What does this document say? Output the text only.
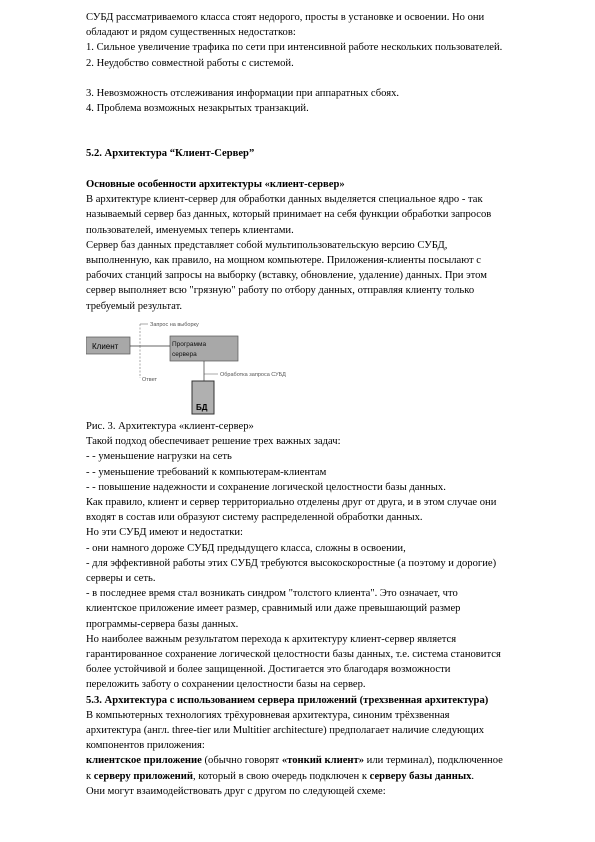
СУБД рассматриваемого класса стоят недорого, просты в установке и освоении. Но они

обладают и рядом существенных недостатков:

1. Сильное увеличение трафика по сети при интенсивной работе нескольких пользователей.

2. Неудобство совместной работы с системой.

3. Невозможность отслеживания информации при аппаратных сбоях.

4. Проблема возможных незакрытых транзакций.

5.2. Архитектура “Клиент-Сервер”

Основные особенности архитектуры «клиент-сервер»

В архитектуре клиент-сервер для обработки данных выделяется специальное ядро - так

называемый сервер баз данных, который принимает на себя функции обработки запросов

пользователей, именуемых теперь клиентами.

Сервер баз данных представляет собой мультипользовательскую версию СУБД,

выполненную, как правило, на мощном компьютере. Приложения-клиенты посылают с

рабочих станций запросы на выборку (вставку, обновление, удаление) данных. При этом

сервер выполняет всю "грязную" работу по отбору данных, отправляя клиенту только

требуемый результат.

Клиент	Программа
сервера
БД
Запрос на выборку
Ответ
Обработка запроса СУБД

Рис. 3. Архитектура «клиент-сервер»

Такой подход обеспечивает решение трех важных задач:

- - уменьшение нагрузки на сеть

- - уменьшение требований к компьютерам-клиентам

- - повышение надежности и сохранение логической целостности базы данных.

Как правило, клиент и сервер территориально отделены друг от друга, и в этом случае они

входят в состав или образуют систему распределенной обработки данных.

Но эти СУБД имеют и недостатки:

- они намного дороже СУБД предыдущего класса, сложны в освоении,

- для эффективной работы этих СУБД требуются высокоскоростные (а поэтому и дорогие)

серверы и сеть.

- в последнее время стал возникать синдром "толстого клиента". Это означает, что

клиентское приложение имеет размер, сравнимый или даже превышающий размер

программы-сервера базы данных.

Но наиболее важным результатом перехода к архитектуру клиент-сервер является

гарантированное сохранение логической целостности базы данных, т.е. система становится

более устойчивой и более защищенной. Достигается это благодаря возможности

переложить заботу о сохранении целостности базы на сервер.

5.3. Архитектура с использованием сервера приложений (трехзвенная архитектура)

В компьютерных технологиях трёхуровневая архитектура, синоним трёхзвенная

архитектура (англ. three-tier или Multitier architecture) предполагает наличие следующих

компонентов приложения:

клиентское приложение (обычно говорят «тонкий клиент» или терминал), подключенное

к серверу приложений, который в свою очередь подключен к серверу базы данных.

Они могут взаимодействовать друг с другом по следующей схеме:
